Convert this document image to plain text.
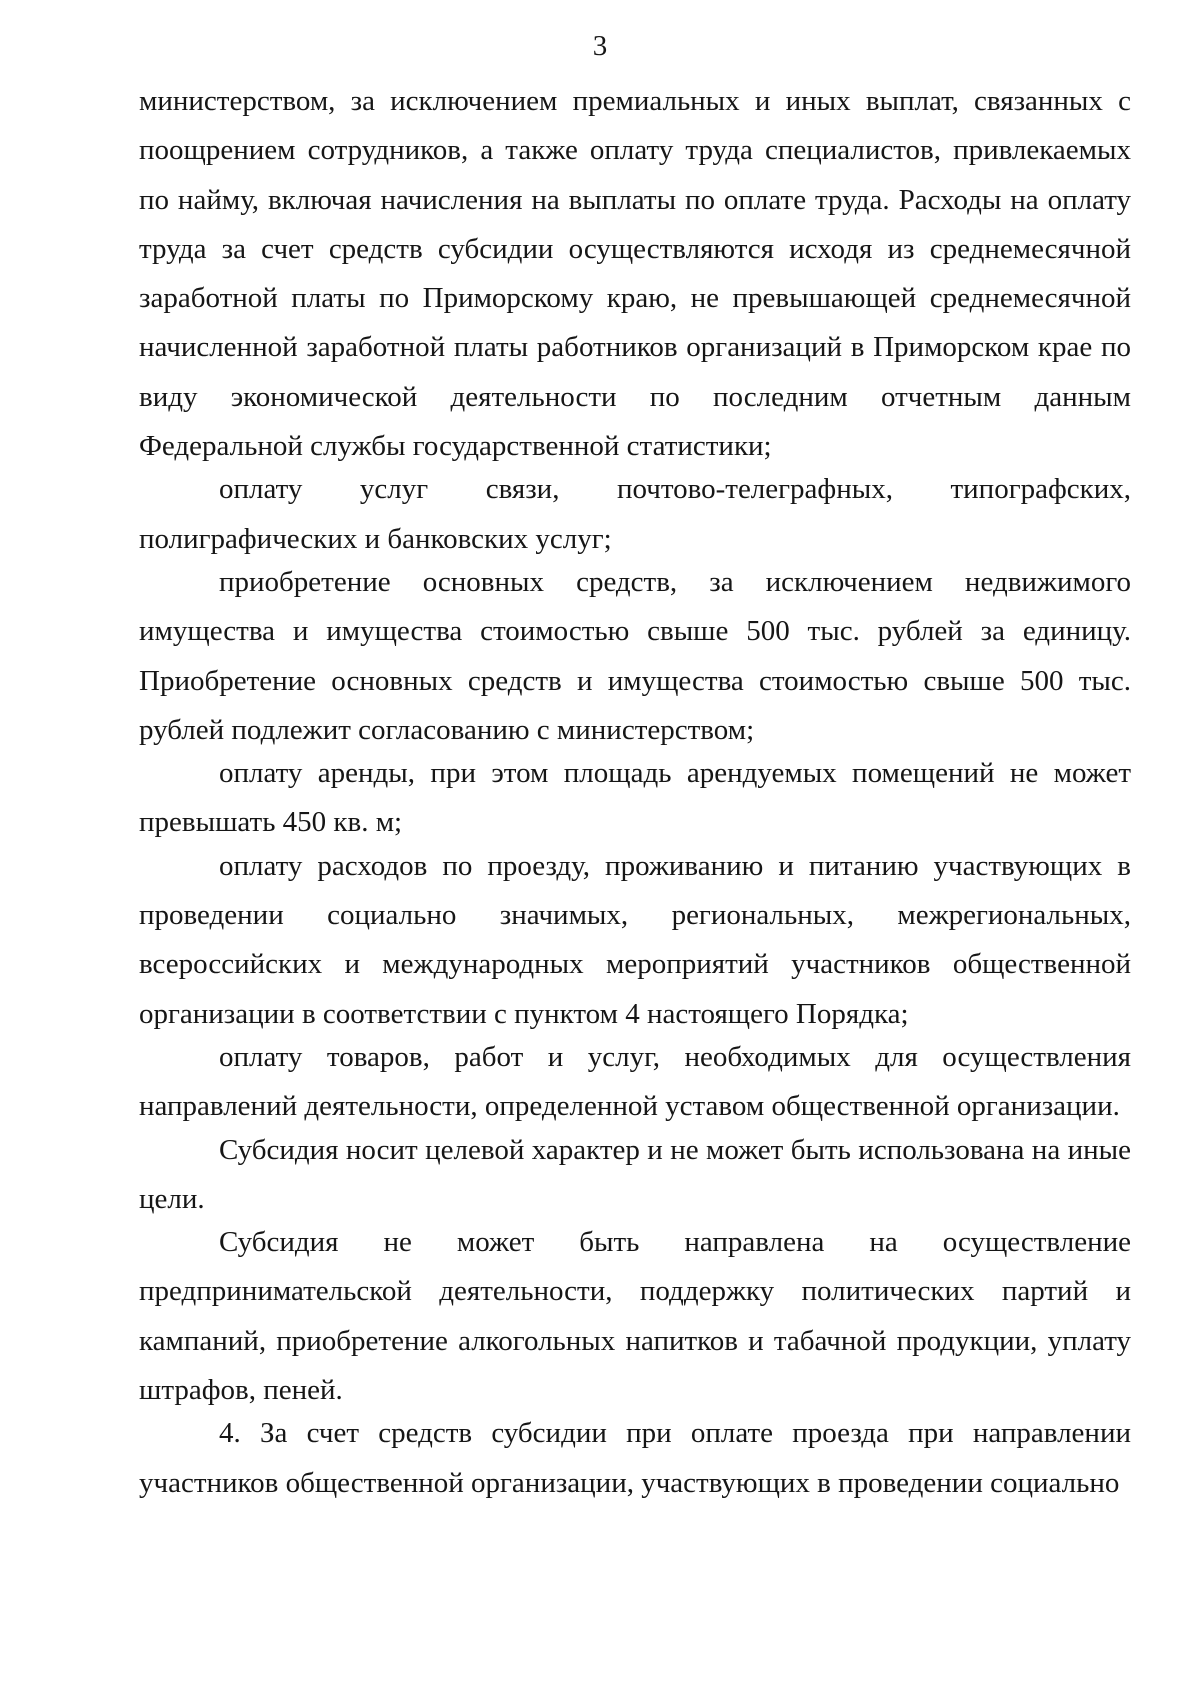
3

министерством, за исключением премиальных и иных выплат, связанных с поощрением сотрудников, а также оплату труда специалистов, привлекаемых по найму, включая начисления на выплаты по оплате труда. Расходы на оплату труда за счет средств субсидии осуществляются исходя из среднемесячной заработной платы по Приморскому краю, не превышающей среднемесячной начисленной заработной платы работников организаций в Приморском крае по виду экономической деятельности по последним отчетным данным Федеральной службы государственной статистики;

оплату услуг связи, почтово-телеграфных, типографских, полиграфических и банковских услуг;

приобретение основных средств, за исключением недвижимого имущества и имущества стоимостью свыше 500 тыс. рублей за единицу. Приобретение основных средств и имущества стоимостью свыше 500 тыс. рублей подлежит согласованию с министерством;

оплату аренды, при этом площадь арендуемых помещений не может превышать 450 кв. м;

оплату расходов по проезду, проживанию и питанию участвующих в проведении социально значимых, региональных, межрегиональных, всероссийских и международных мероприятий участников общественной организации в соответствии с пунктом 4 настоящего Порядка;

оплату товаров, работ и услуг, необходимых для осуществления направлений деятельности, определенной уставом общественной организации.

Субсидия носит целевой характер и не может быть использована на иные цели.

Субсидия не может быть направлена на осуществление предпринимательской деятельности, поддержку политических партий и кампаний, приобретение алкогольных напитков и табачной продукции, уплату штрафов, пеней.

4. За счет средств субсидии при оплате проезда при направлении участников общественной организации, участвующих в проведении социально
